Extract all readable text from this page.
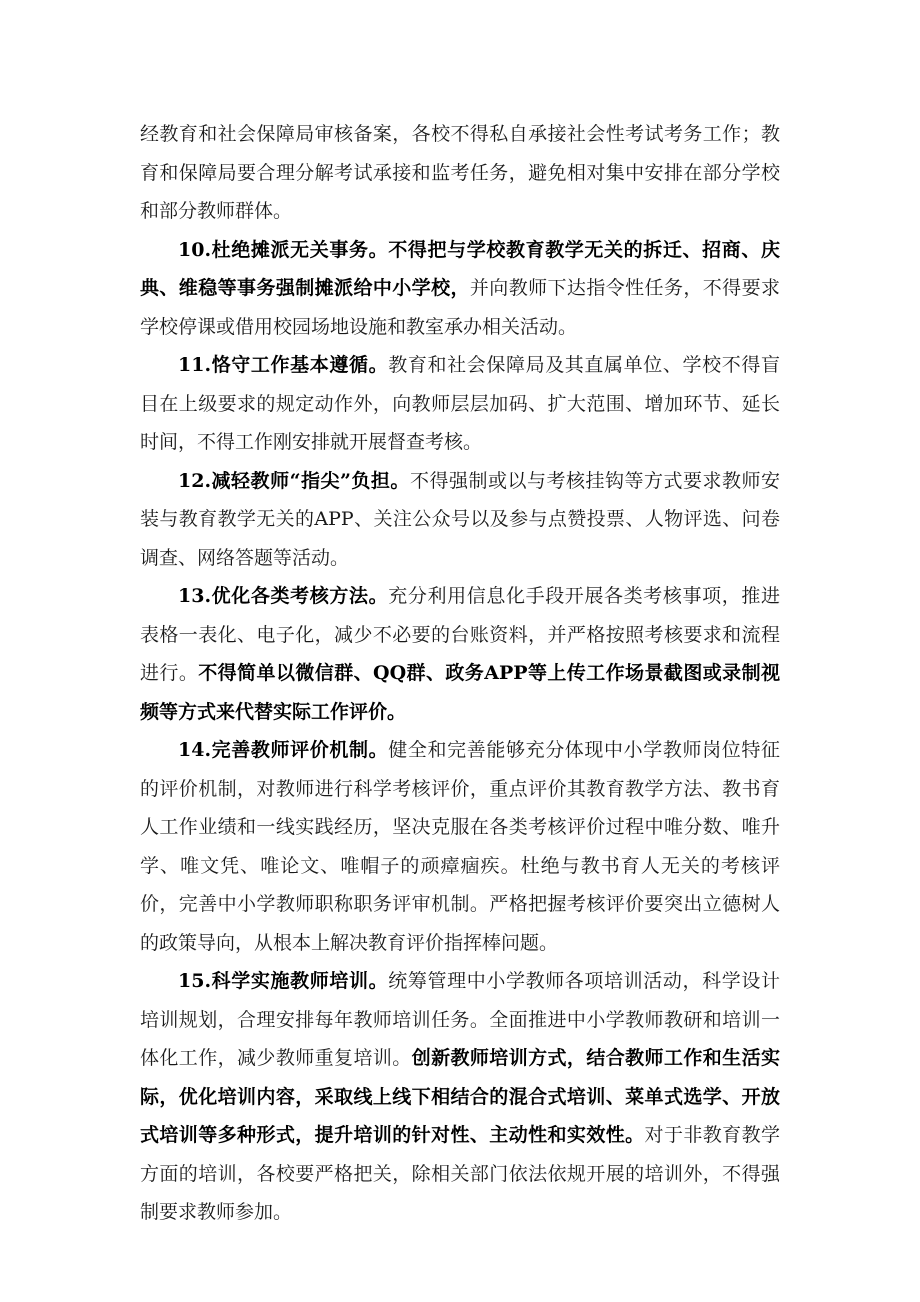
经教育和社会保障局审核备案，各校不得私自承接社会性考试考务工作；教育和保障局要合理分解考试承接和监考任务，避免相对集中安排在部分学校和部分教师群体。

10.杜绝摊派无关事务。不得把与学校教育教学无关的拆迁、招商、庆典、维稳等事务强制摊派给中小学校，并向教师下达指令性任务，不得要求学校停课或借用校园场地设施和教室承办相关活动。

11.恪守工作基本遵循。教育和社会保障局及其直属单位、学校不得盲目在上级要求的规定动作外，向教师层层加码、扩大范围、增加环节、延长时间，不得工作刚安排就开展督查考核。

12.减轻教师“指尖”负担。不得强制或以与考核挂钩等方式要求教师安装与教育教学无关的APP、关注公众号以及参与点赞投票、人物评选、问卷调查、网络答题等活动。

13.优化各类考核方法。充分利用信息化手段开展各类考核事项，推进表格一表化、电子化，减少不必要的台账资料，并严格按照考核要求和流程进行。不得简单以微信群、QQ群、政务APP等上传工作场景截图或录制视频等方式来代替实际工作评价。

14.完善教师评价机制。健全和完善能够充分体现中小学教师岗位特征的评价机制，对教师进行科学考核评价，重点评价其教育教学方法、教书育人工作业绩和一线实践经历，坚决克服在各类考核评价过程中唯分数、唯升学、唯文凭、唯论文、唯帽子的顽瘴痼疾。杜绝与教书育人无关的考核评价，完善中小学教师职称职务评审机制。严格把握考核评价要突出立德树人的政策导向，从根本上解决教育评价指挥棒问题。

15.科学实施教师培训。统筹管理中小学教师各项培训活动，科学设计培训规划，合理安排每年教师培训任务。全面推进中小学教师教研和培训一体化工作，减少教师重复培训。创新教师培训方式，结合教师工作和生活实际，优化培训内容，采取线上线下相结合的混合式培训、菜单式选学、开放式培训等多种形式，提升培训的针对性、主动性和实效性。对于非教育教学方面的培训，各校要严格把关，除相关部门依法依规开展的培训外，不得强制要求教师参加。
